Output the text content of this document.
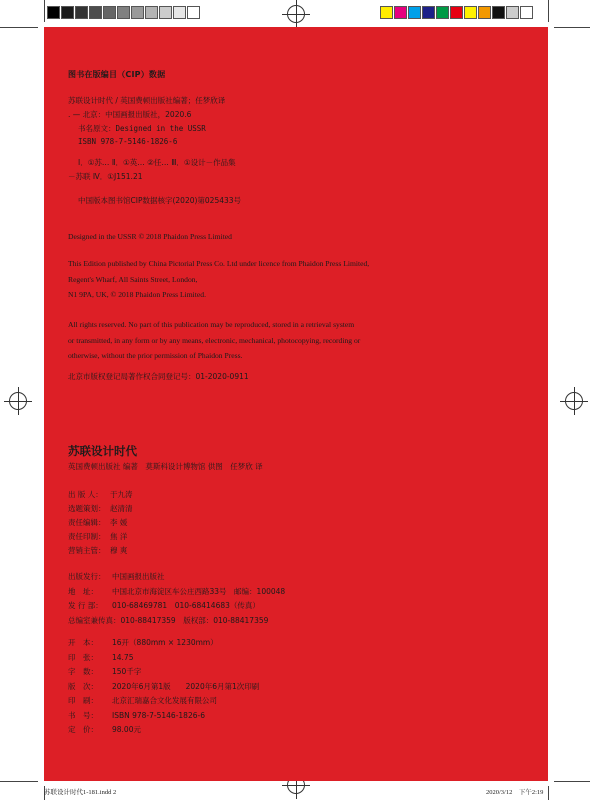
图书在版编目（CIP）数据
苏联设计时代 / 英国费顿出版社编著；任梦欣译
. — 北京：中国画报出版社，2020.6
书名原文：Designed in the USSR
ISBN 978-7-5146-1826-6
Ⅰ．①苏… Ⅱ．①英… ②任… Ⅲ．①设计－作品集
－苏联 Ⅳ．①J151.21
中国版本图书馆CIP数据核字(2020)第025433号
Designed in the USSR © 2018 Phaidon Press Limited
This Edition published by China Pictorial Press Co. Ltd under licence from Phaidon Press Limited,
Regent's Wharf, All Saints Street, London,
N1 9PA, UK, © 2018 Phaidon Press Limited.
All rights reserved. No part of this publication may be reproduced, stored in a retrieval system
or transmitted, in any form or by any means, electronic, mechanical, photocopying, recording or
otherwise, without the prior permission of Phaidon Press.
北京市版权登记局著作权合同登记号：01-2020-0911
苏联设计时代
英国费顿出版社 编著　莫斯科设计博物馆 供图　任梦欣 译
出 版 人： 于九涛
选题策划： 赵清清
责任编辑： 李 媛
责任印制： 焦 洋
营销主管： 穆 爽
出版发行： 中国画报出版社
地　址： 中国北京市海淀区车公庄西路33号　邮编：100048
发 行 部： 010-68469781　010-68414683（传真）
总编室兼传真：010-88417359　版权部：010-88417359
开　本： 16开（880mm × 1230mm）
印　张： 14.75
字　数： 150千字
版　次： 2020年6月第1版　　2020年6月第1次印刷
印　刷： 北京汇瑞嘉合文化发展有限公司
书　号： ISBN 978-7-5146-1826-6
定　价： 98.00元
苏联设计时代1-181.indd 2	2020/3/12　下午2:19
